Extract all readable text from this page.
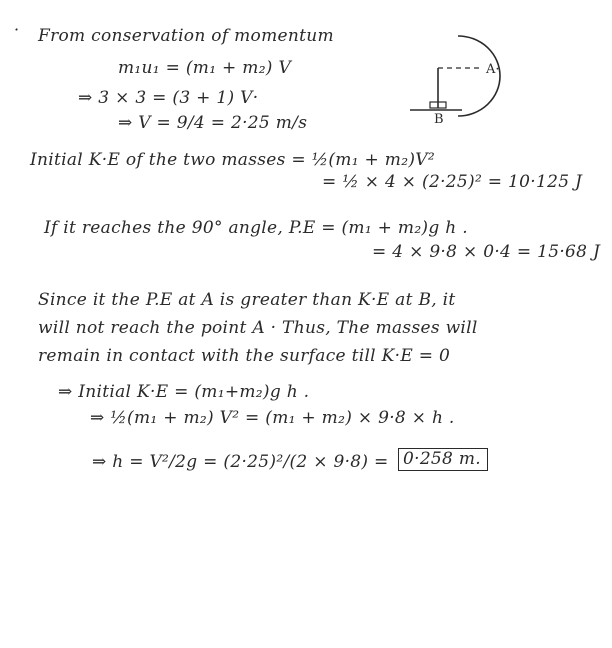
· From conservation of momentum
m₁u₁ = (m₁ + m₂) V
⇒ 3 × 3 = (3 + 1) V·
⇒ V = 9/4 = 2·25 m/s
Initial K·E of the two masses = ½(m₁ + m₂)V²
= ½ × 4 × (2·25)² = 10·125 J
If it reaches the 90° angle, P.E = (m₁ + m₂)g h .
= 4 × 9·8 × 0·4 = 15·68 J
Since it the P.E at A is greater than K·E at B, it
will not reach the point A · Thus, The masses will
remain in contact with the surface till K·E = 0
⇒ Initial K·E = (m₁+m₂)g h .
⇒ ½(m₁ + m₂) V² = (m₁ + m₂) × 9·8 × h .
⇒ h = V²/2g = (2·25)²/(2 × 9·8) = 0·258 m.
A·
B
